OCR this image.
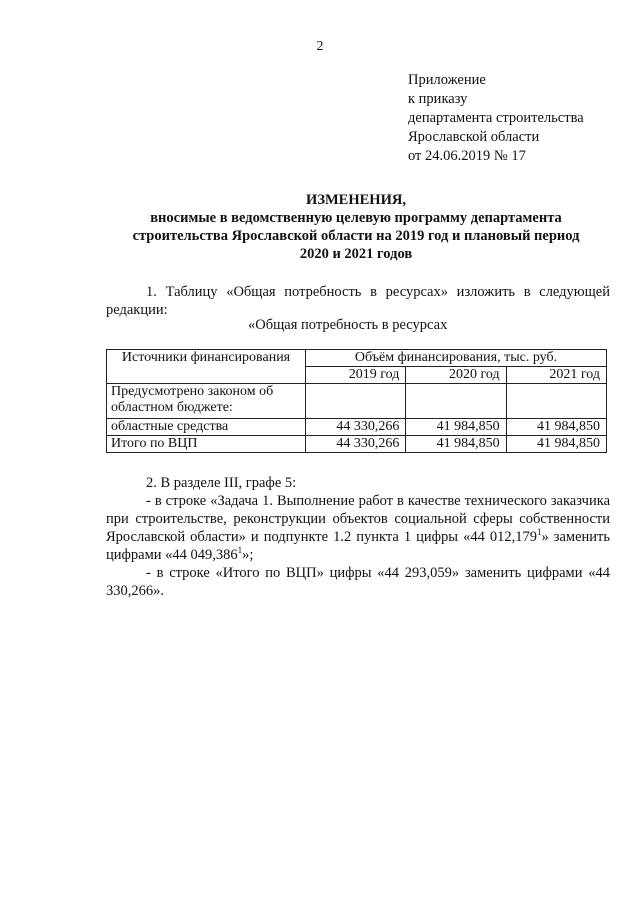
2
Приложение
к приказу
департамента строительства
Ярославской области
от 24.06.2019 № 17
ИЗМЕНЕНИЯ,
вносимые в ведомственную целевую программу департамента
строительства Ярославской области на 2019 год и плановый период
2020 и 2021 годов
1. Таблицу «Общая потребность в ресурсах» изложить в следующей редакции:
«Общая потребность в ресурсах
Источники финансирования	Объём финансирования, тыс. руб.		
	2019 год	2020 год	2021 год
Предусмотрено законом об областном бюджете:			
областные средства	44 330,266	41 984,850	41 984,850
Итого по ВЦП	44 330,266	41 984,850	41 984,850
2. В разделе III, графе 5:
- в строке «Задача 1. Выполнение работ в качестве технического заказчика при строительстве, реконструкции объектов социальной сферы собственности Ярославской области» и подпункте 1.2 пункта 1 цифры «44 012,179$^1$» заменить цифрами «44 049,386$^1$»;
- в строке «Итого по ВЦП» цифры «44 293,059» заменить цифрами «44 330,266».
